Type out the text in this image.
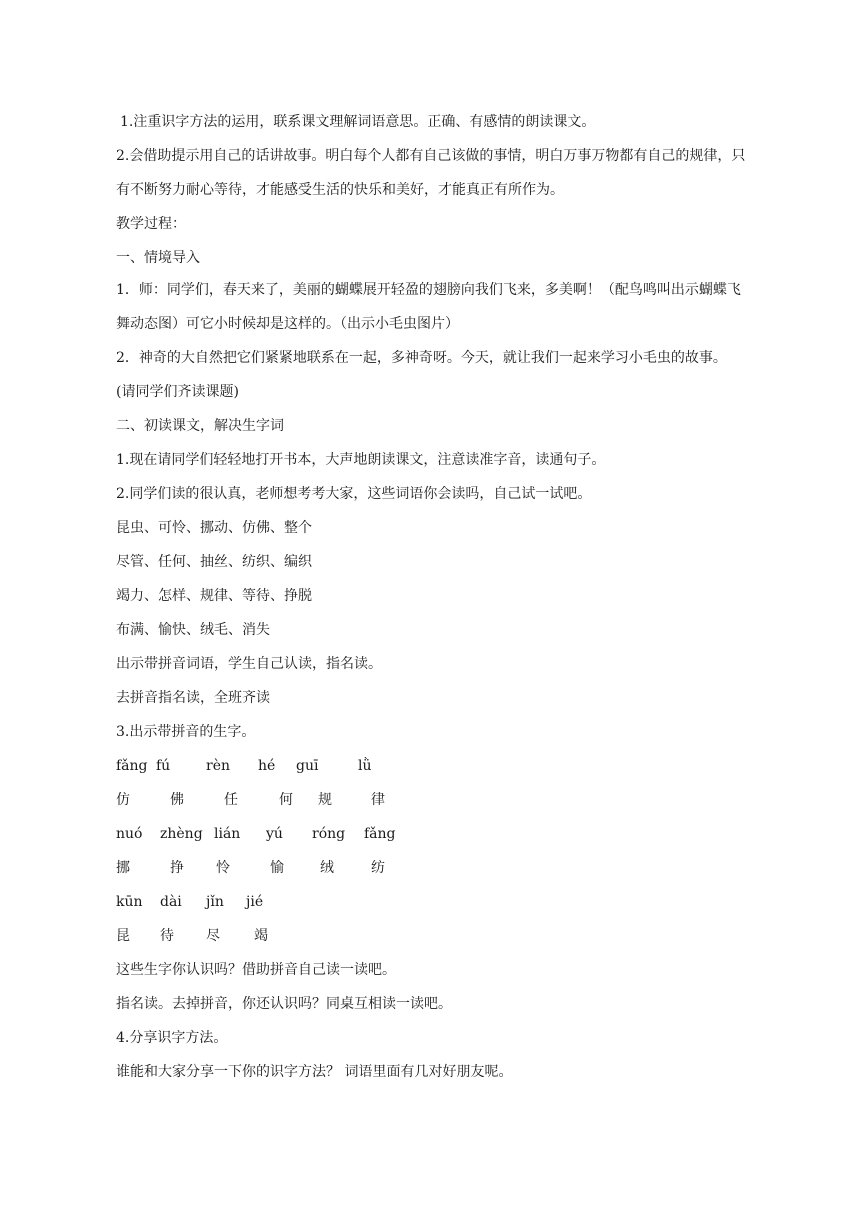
1.注重识字方法的运用，联系课文理解词语意思。正确、有感情的朗读课文。
2.会借助提示用自己的话讲故事。明白每个人都有自己该做的事情，明白万事万物都有自己的规律，只有不断努力耐心等待，才能感受生活的快乐和美好，才能真正有所作为。
教学过程：
一、情境导入
1．师：同学们，春天来了，美丽的蝴蝶展开轻盈的翅膀向我们飞来，多美啊！（配鸟鸣叫出示蝴蝶飞舞动态图）可它小时候却是这样的。（出示小毛虫图片）
2．神奇的大自然把它们紧紧地联系在一起，多神奇呀。今天，就让我们一起来学习小毛虫的故事。(请同学们齐读课题)
二、初读课文，解决生字词
1.现在请同学们轻轻地打开书本，大声地朗读课文，注意读准字音，读通句子。
2.同学们读的很认真，老师想考考大家，这些词语你会读吗，自己试一试吧。
昆虫、可怜、挪动、仿佛、整个
尽管、任何、抽丝、纺织、编织
竭力、怎样、规律、等待、挣脱
布满、愉快、绒毛、消失
出示带拼音词语，学生自己认读，指名读。
去拼音指名读，全班齐读
3.出示带拼音的生字。
fǎng fú	rèn hé guī	lǜ
仿	佛	任	何 规	律
nuó zhèng lián yú róng fǎng
挪	挣 怜	愉	绒	纺
kūn dài jǐn jié
昆 待 尽 竭
这些生字你认识吗？借助拼音自己读一读吧。
指名读。去掉拼音，你还认识吗？同桌互相读一读吧。
4.分享识字方法。
谁能和大家分享一下你的识字方法？ 词语里面有几对好朋友呢。
